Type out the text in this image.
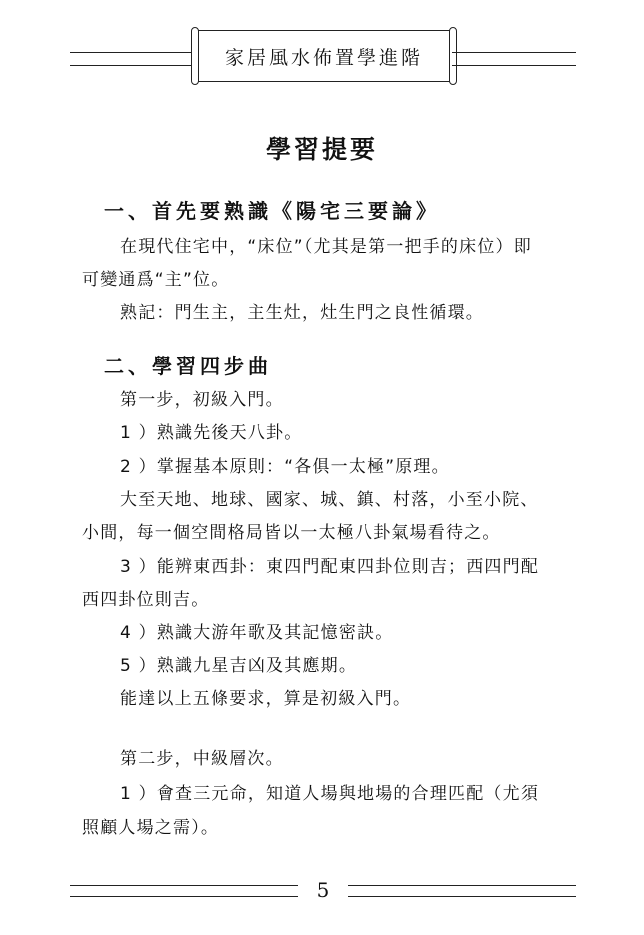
家居風水佈置學進階
學習提要
一、首先要熟識《陽宅三要論》
在現代住宅中，“床位”（尤其是第一把手的床位）即
可變通爲“主”位。
熟記：門生主，主生灶，灶生門之良性循環。
二、學習四步曲
第一步，初級入門。
1 ）熟識先後天八卦。
2 ）掌握基本原則：“各俱一太極”原理。
大至天地、地球、國家、城、鎮、村落，小至小院、
小間，每一個空間格局皆以一太極八卦氣場看待之。
3 ）能辨東西卦：東四門配東四卦位則吉；西四門配
西四卦位則吉。
4 ）熟識大游年歌及其記憶密訣。
5 ）熟識九星吉凶及其應期。
能達以上五條要求，算是初級入門。
第二步，中級層次。
1 ）會查三元命，知道人場與地場的合理匹配（尤須
照顧人場之需）。
5
